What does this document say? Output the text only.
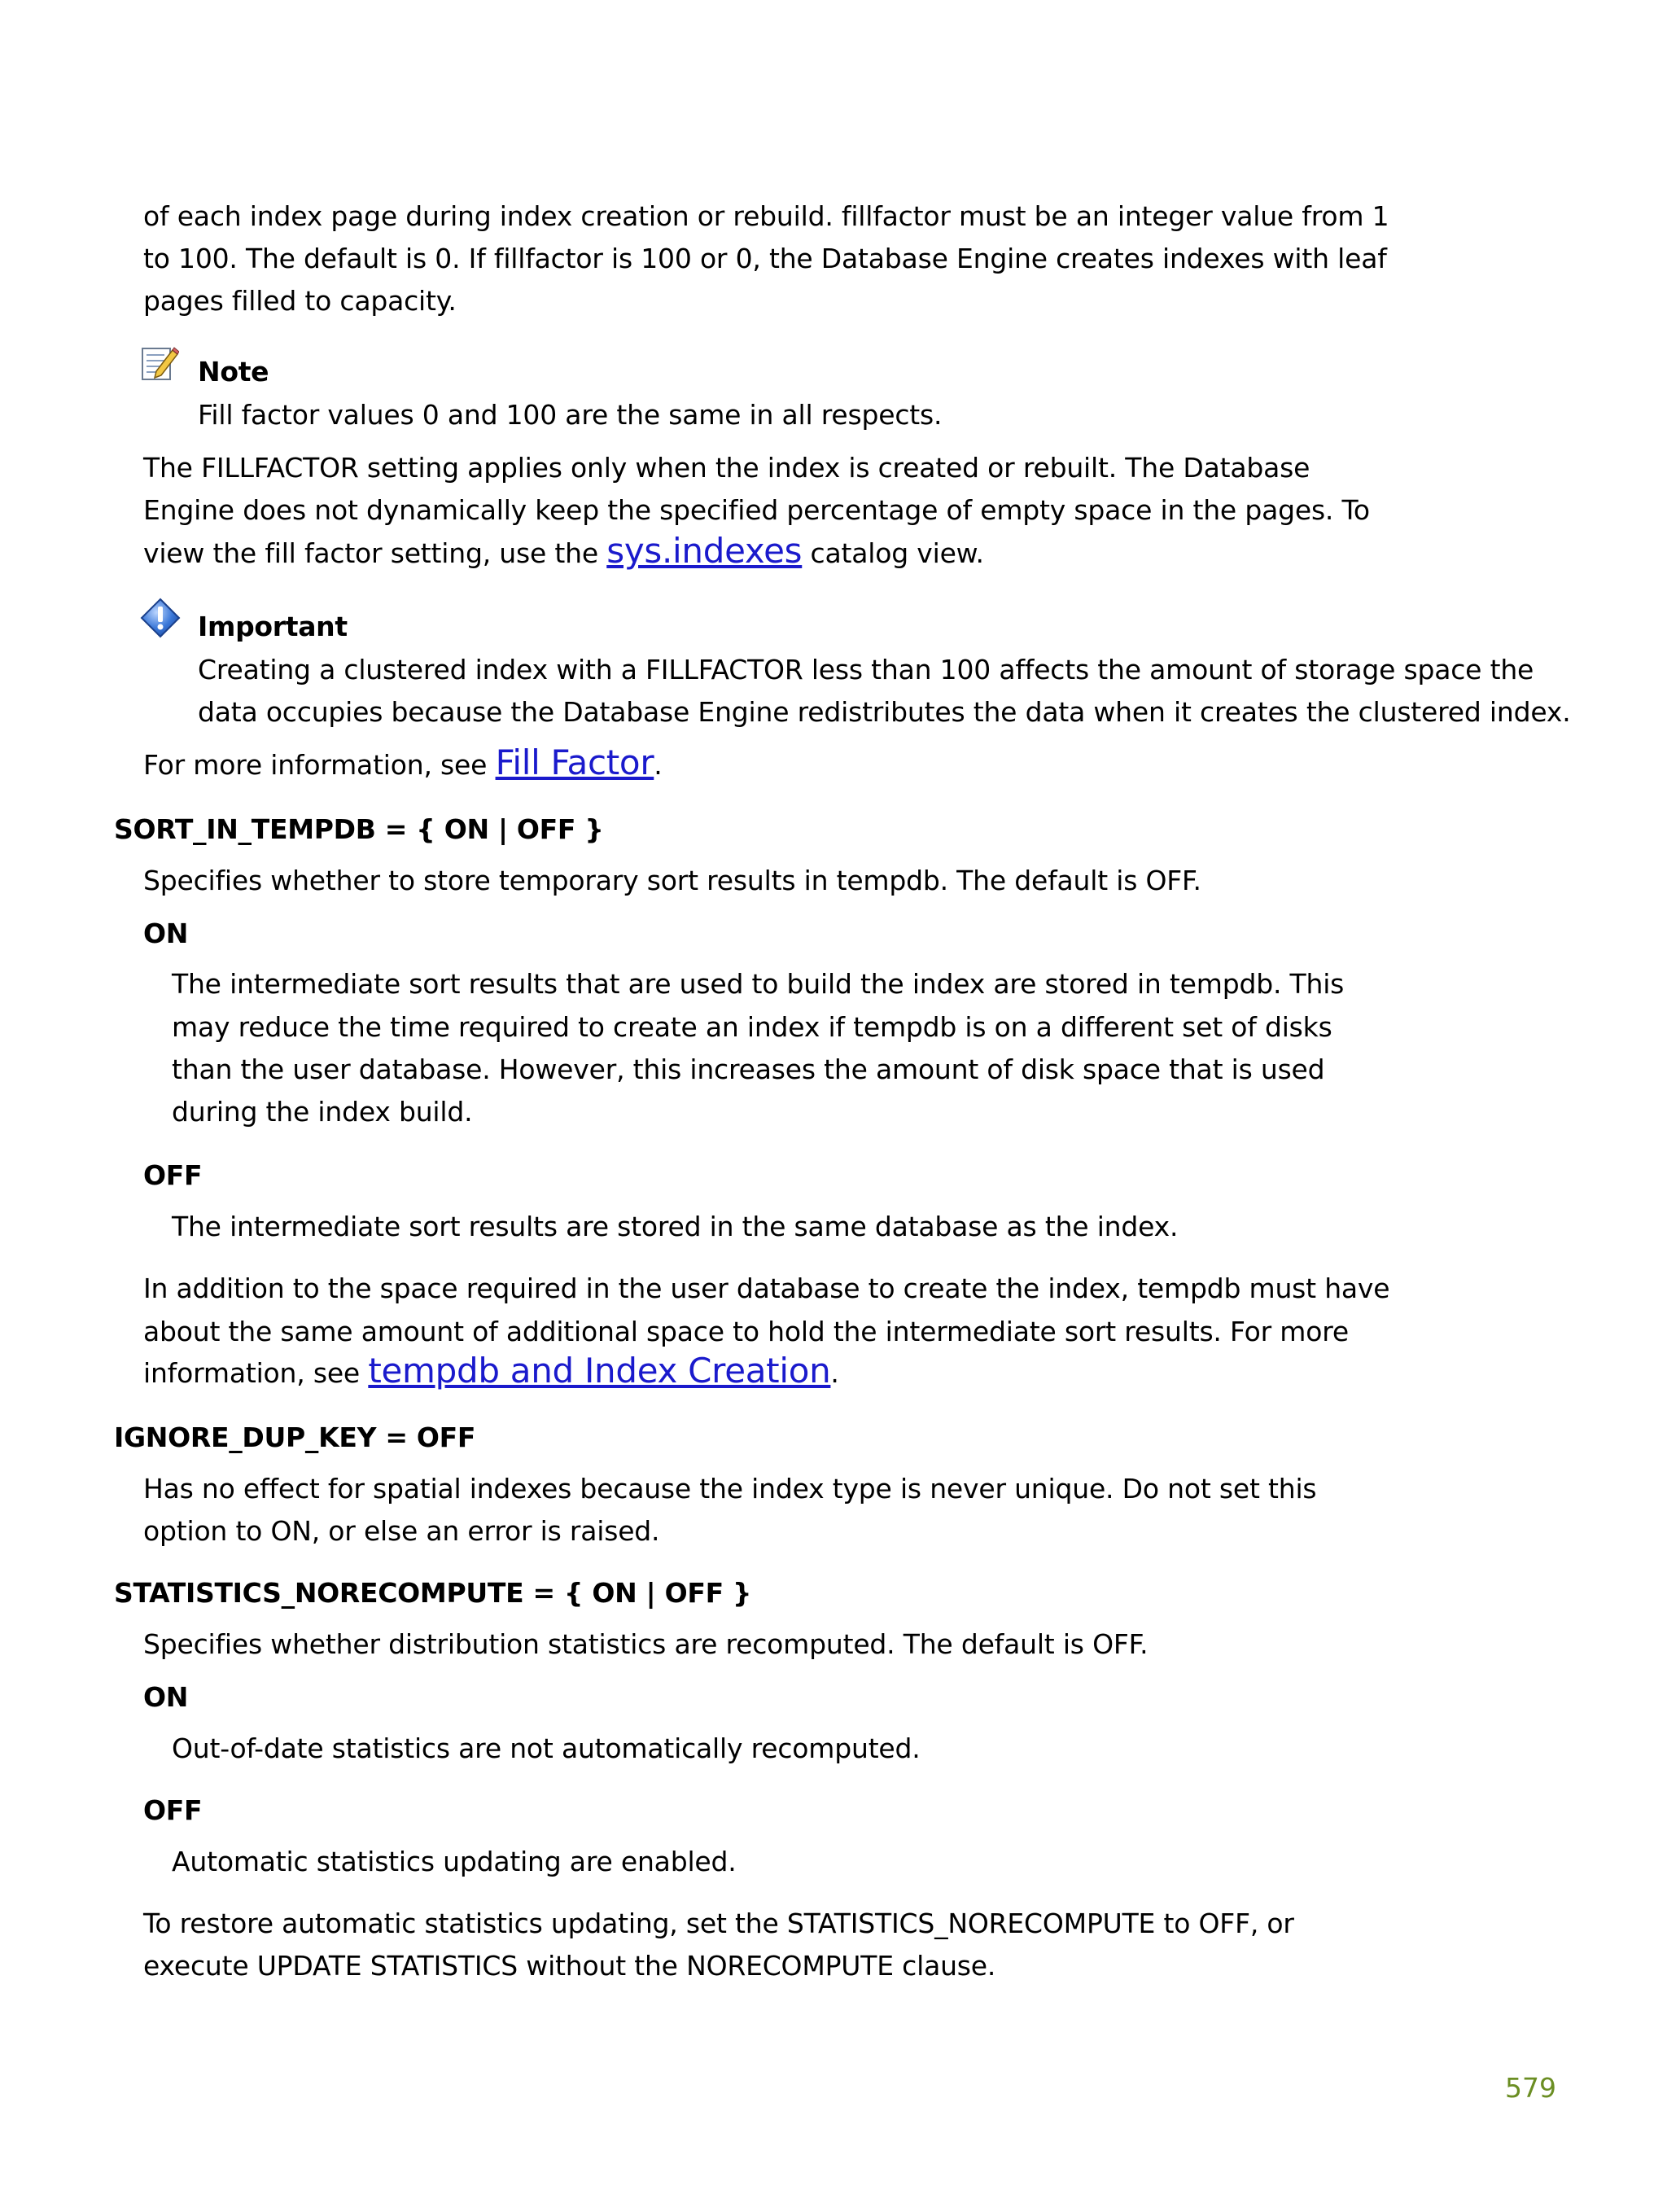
of each index page during index creation or rebuild. fillfactor must be an integer value from 1
to 100. The default is 0. If fillfactor is 100 or 0, the Database Engine creates indexes with leaf
pages filled to capacity.
Note
Fill factor values 0 and 100 are the same in all respects.
The FILLFACTOR setting applies only when the index is created or rebuilt. The Database
Engine does not dynamically keep the specified percentage of empty space in the pages. To
view the fill factor setting, use the sys.indexes catalog view.
Important
Creating a clustered index with a FILLFACTOR less than 100 affects the amount of storage space the
data occupies because the Database Engine redistributes the data when it creates the clustered index.
For more information, see Fill Factor.
SORT_IN_TEMPDB = { ON | OFF }
Specifies whether to store temporary sort results in tempdb. The default is OFF.
ON
The intermediate sort results that are used to build the index are stored in tempdb. This
may reduce the time required to create an index if tempdb is on a different set of disks
than the user database. However, this increases the amount of disk space that is used
during the index build.
OFF
The intermediate sort results are stored in the same database as the index.
In addition to the space required in the user database to create the index, tempdb must have
about the same amount of additional space to hold the intermediate sort results. For more
information, see tempdb and Index Creation.
IGNORE_DUP_KEY = OFF
Has no effect for spatial indexes because the index type is never unique. Do not set this
option to ON, or else an error is raised.
STATISTICS_NORECOMPUTE = { ON | OFF }
Specifies whether distribution statistics are recomputed. The default is OFF.
ON
Out-of-date statistics are not automatically recomputed.
OFF
Automatic statistics updating are enabled.
To restore automatic statistics updating, set the STATISTICS_NORECOMPUTE to OFF, or
execute UPDATE STATISTICS without the NORECOMPUTE clause.
579
